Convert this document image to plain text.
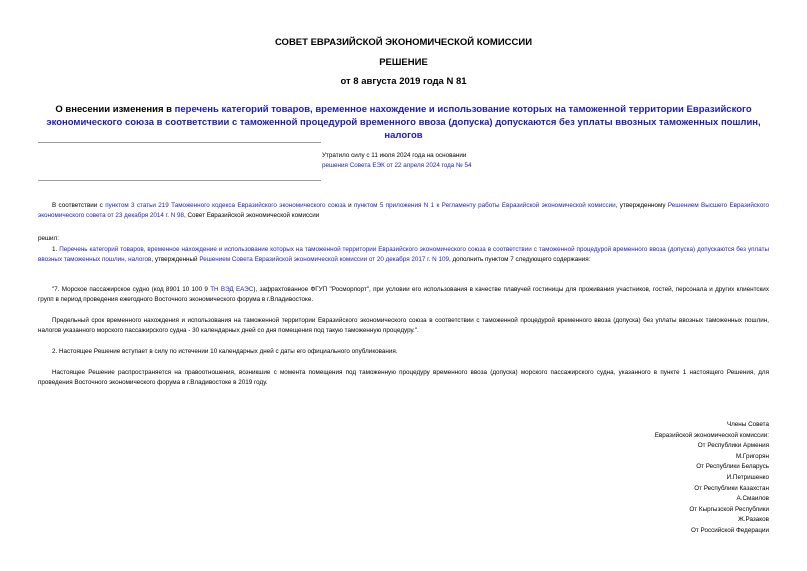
СОВЕТ ЕВРАЗИЙСКОЙ ЭКОНОМИЧЕСКОЙ КОМИССИИ
РЕШЕНИЕ
от 8 августа 2019 года N 81
О внесении изменения в перечень категорий товаров, временное нахождение и использование которых на таможенной территории Евразийского экономического союза в соответствии с таможенной процедурой временного ввоза (допуска) допускаются без уплаты ввозных таможенных пошлин, налогов
Утратило силу с 11 июля 2024 года на основании
решения Совета ЕЭК от 22 апреля 2024 года № 54
В соответствии с пунктом 3 статьи 219 Таможенного кодекса Евразийского экономического союза и пунктом 5 приложения N 1 к Регламенту работы Евразийской экономической комиссии, утвержденному Решением Высшего Евразийского экономического совета от 23 декабря 2014 г. N 98, Совет Евразийской экономической комиссии
решил:
1. Перечень категорий товаров, временное нахождение и использование которых на таможенной территории Евразийского экономического союза в соответствии с таможенной процедурой временного ввоза (допуска) допускаются без уплаты ввозных таможенных пошлин, налогов, утвержденный Решением Совета Евразийской экономической комиссии от 20 декабря 2017 г. N 109, дополнить пунктом 7 следующего содержания:
"7. Морское пассажирское судно (код 8901 10 100 9 ТН ВЭД ЕАЭС), зафрахтованное ФГУП "Росморпорт", при условии его использования в качестве плавучей гостиницы для проживания участников, гостей, персонала и других клиентских групп в период проведения ежегодного Восточного экономического форума в г.Владивостоке.
Предельный срок временного нахождения и использования на таможенной территории Евразийского экономического союза в соответствии с таможенной процедурой временного ввоза (допуска) без уплаты ввозных таможенных пошлин, налогов указанного морского пассажирского судна - 30 календарных дней со дня помещения под такую таможенную процедуру.".
2. Настоящее Решение вступает в силу по истечении 10 календарных дней с даты его официального опубликования.
Настоящее Решение распространяется на правоотношения, возникшие с момента помещения под таможенную процедуру временного ввоза (допуска) морского пассажирского судна, указанного в пункте 1 настоящего Решения, для проведения Восточного экономического форума в г.Владивостоке в 2019 году.
Члены Совета
Евразийской экономической комиссии:
От Республики Армения
М.Григорян
От Республики Беларусь
И.Петришенко
От Республики Казахстан
А.Смаилов
От Кыргызской Республики
Ж.Разаков
От Российской Федерации
